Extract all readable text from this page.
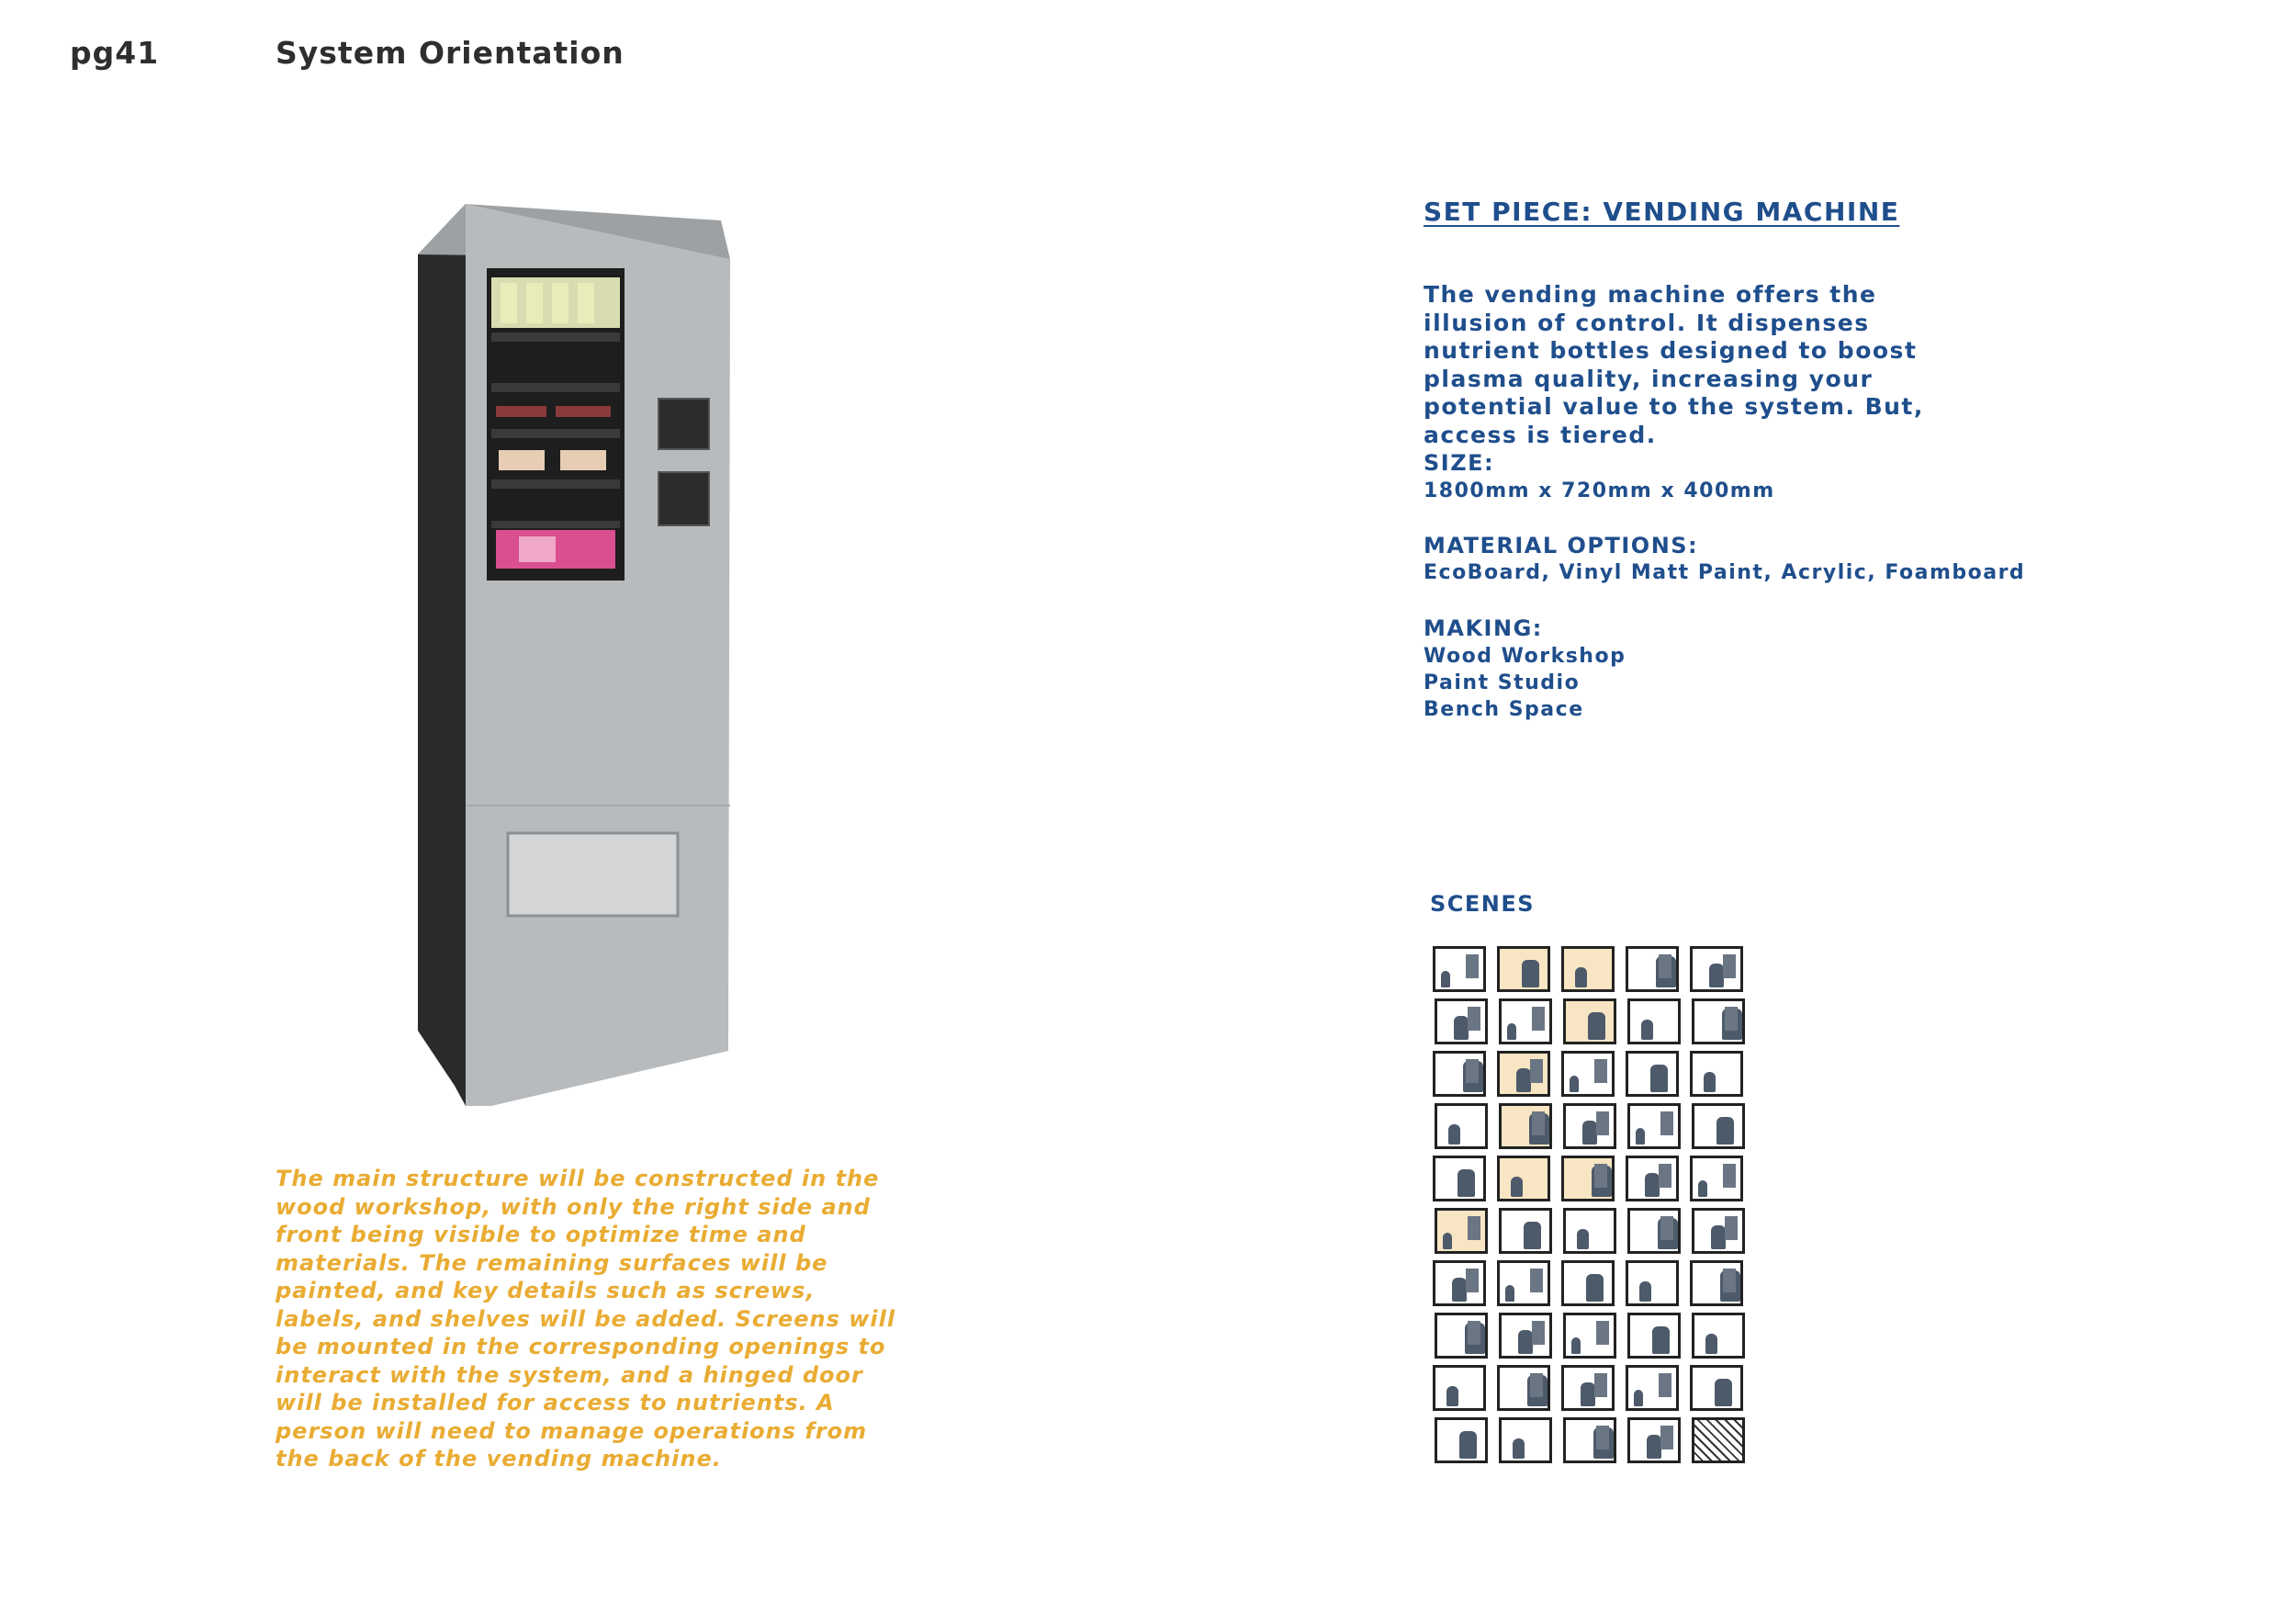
pg41	System Orientation
SET PIECE: VENDING MACHINE

The vending machine offers the illusion of control. It dispenses nutrient bottles designed to boost plasma quality, increasing your potential value to the system. But, access is tiered.

SIZE:
1800mm x 720mm x 400mm
MATERIAL OPTIONS:
EcoBoard, Vinyl Matt Paint, Acrylic, Foamboard
MAKING:
Wood Workshop
Paint Studio
Bench Space
SCENES

The main structure will be constructed in the wood workshop, with only the right side and front being visible to optimize time and materials. The remaining surfaces will be painted, and key details such as screws, labels, and shelves will be added. Screens will be mounted in the corresponding openings to interact with the system, and a hinged door will be installed for access to nutrients. A person will need to manage operations from the back of the vending machine.
